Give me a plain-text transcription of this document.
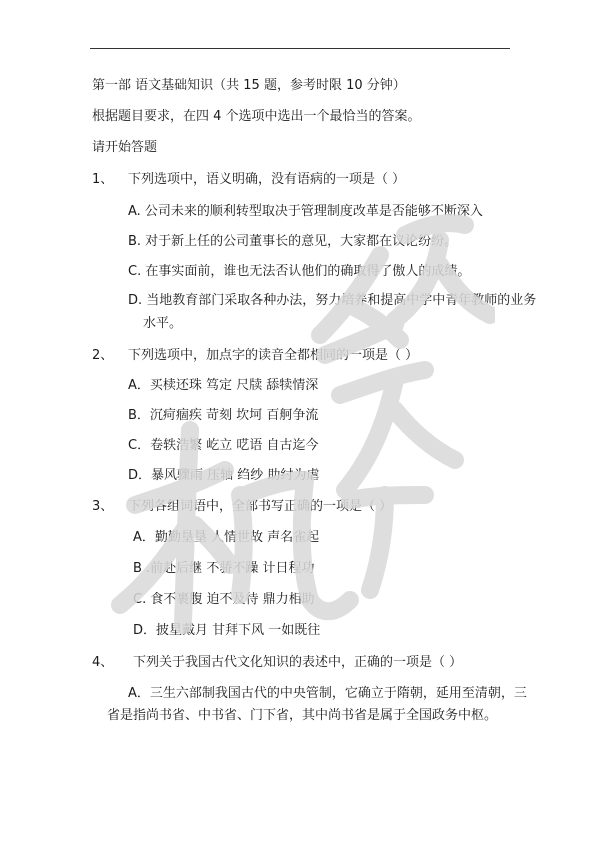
第一部 语文基础知识（共 15 题，参考时限 10 分钟）
根据题目要求，在四 4 个选项中选出一个最恰当的答案。
请开始答题
1、 下列选项中，语义明确，没有语病的一项是（ ）
A. 公司未来的顺利转型取决于管理制度改革是否能够不断深入
B. 对于新上任的公司董事长的意见，大家都在议论纷纷。
C. 在事实面前，谁也无法否认他们的确取得了傲人的成绩。
D. 当地教育部门采取各种办法，努力培养和提高中学中青年教师的业务
水平。
2、 下列选项中，加点字的读音全都相同的一项是（ ）
A．买椟还珠 笃定 尺牍 舔犊情深
B．沉疴痼疾 苛刻 坎坷 百舸争流
C．卷轶浩繁 屹立 呓语 自古迄今
D．暴风骤雨 压轴 绉纱 助纣为虐
3、 下列各组词语中，全部书写正确的一项是（ ）
A．勤勤垦垦 人情世故 声名雀起
B .前赴后继 不骄不躁 计日程功
C. 食不裹腹 迫不及待 鼎力相助
D．披星戴月 甘拜下风 一如既往
4、 下列关于我国古代文化知识的表述中，正确的一项是（ ）
A．三生六部制我国古代的中央管制，它确立于隋朝，延用至清朝，三
省是指尚书省、中书省、门下省，其中尚书省是属于全国政务中枢。
